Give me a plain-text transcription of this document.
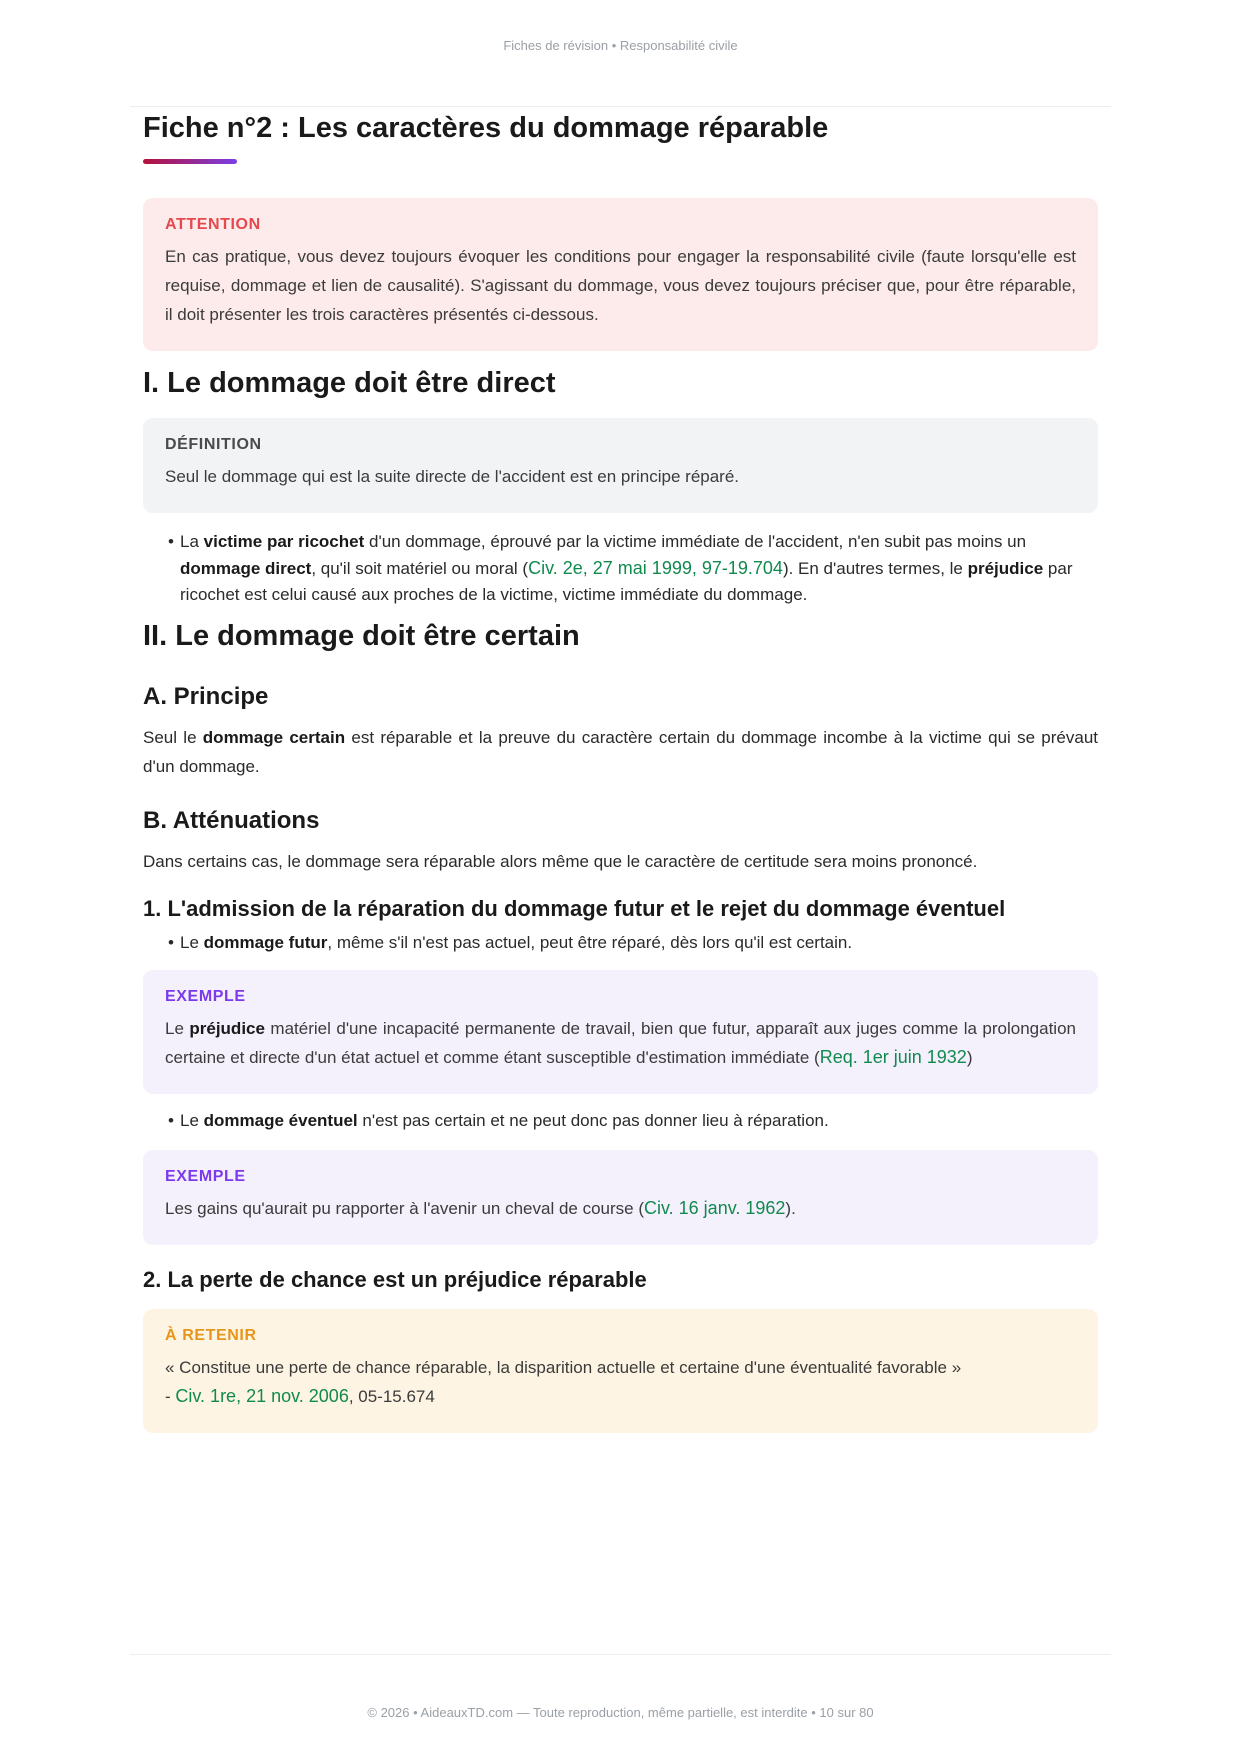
Fiches de révision • Responsabilité civile
Fiche n°2 : Les caractères du dommage réparable
ATTENTION
En cas pratique, vous devez toujours évoquer les conditions pour engager la responsabilité civile (faute lorsqu'elle est requise, dommage et lien de causalité). S'agissant du dommage, vous devez toujours préciser que, pour être réparable, il doit présenter les trois caractères présentés ci-dessous.
I. Le dommage doit être direct
DÉFINITION
Seul le dommage qui est la suite directe de l'accident est en principe réparé.
• La victime par ricochet d'un dommage, éprouvé par la victime immédiate de l'accident, n'en subit pas moins un dommage direct, qu'il soit matériel ou moral (Civ. 2e, 27 mai 1999, 97-19.704). En d'autres termes, le préjudice par ricochet est celui causé aux proches de la victime, victime immédiate du dommage.
II. Le dommage doit être certain
A. Principe

Seul le dommage certain est réparable et la preuve du caractère certain du dommage incombe à la victime qui se prévaut d'un dommage.

B. Atténuations

Dans certains cas, le dommage sera réparable alors même que le caractère de certitude sera moins prononcé.

1. L'admission de la réparation du dommage futur et le rejet du dommage éventuel
• Le dommage futur, même s'il n'est pas actuel, peut être réparé, dès lors qu'il est certain.
EXEMPLE
Le préjudice matériel d'une incapacité permanente de travail, bien que futur, apparaît aux juges comme la prolongation certaine et directe d'un état actuel et comme étant susceptible d'estimation immédiate (Req. 1er juin 1932)
• Le dommage éventuel n'est pas certain et ne peut donc pas donner lieu à réparation.
EXEMPLE
Les gains qu'aurait pu rapporter à l'avenir un cheval de course (Civ. 16 janv. 1962).
2. La perte de chance est un préjudice réparable
À RETENIR
« Constitue une perte de chance réparable, la disparition actuelle et certaine d'une éventualité favorable »
- Civ. 1re, 21 nov. 2006, 05-15.674
© 2026 • AideauxTD.com — Toute reproduction, même partielle, est interdite • 10 sur 80
